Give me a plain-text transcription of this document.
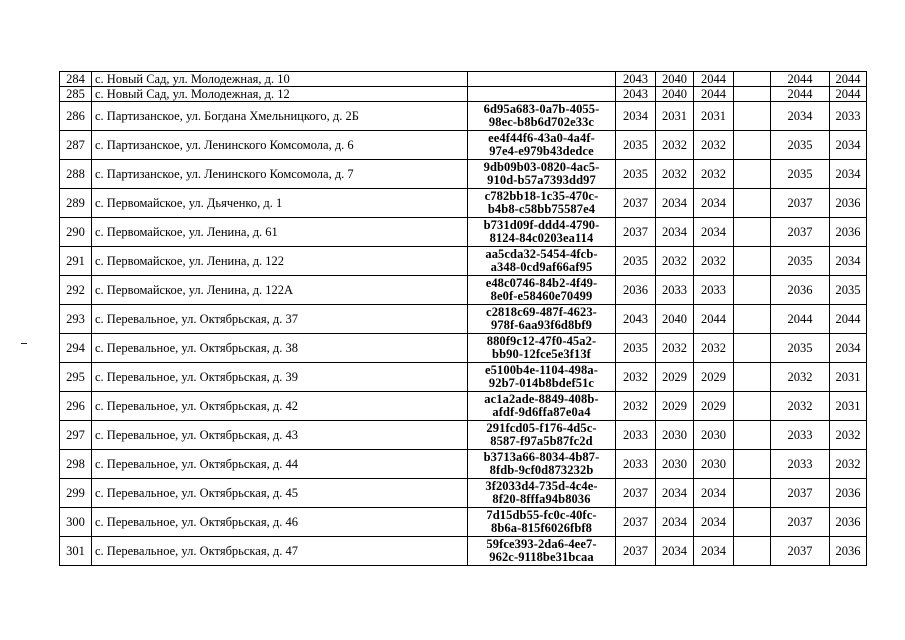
284	с. Новый Сад, ул. Молодежная, д. 10		2043	2040	2044		2044	2044
285	с. Новый Сад, ул. Молодежная, д. 12		2043	2040	2044		2044	2044
286	с. Партизанское, ул. Богдана Хмельницкого, д. 2Б	6d95a683-0a7b-4055-
98ec-b8b6d702e33c	2034	2031	2031		2034	2033
287	с. Партизанское, ул. Ленинского Комсомола, д. 6	ee4f44f6-43a0-4a4f-
97e4-e979b43dedce	2035	2032	2032		2035	2034
288	с. Партизанское, ул. Ленинского Комсомола, д. 7	9db09b03-0820-4ac5-
910d-b57a7393dd97	2035	2032	2032		2035	2034
289	с. Первомайское, ул. Дьяченко, д. 1	c782bb18-1c35-470c-
b4b8-c58bb75587e4	2037	2034	2034		2037	2036
290	с. Первомайское, ул. Ленина, д. 61	b731d09f-ddd4-4790-
8124-84c0203ea114	2037	2034	2034		2037	2036
291	с. Первомайское, ул. Ленина, д. 122	aa5cda32-5454-4fcb-
a348-0cd9af66af95	2035	2032	2032		2035	2034
292	с. Первомайское, ул. Ленина, д. 122А	e48c0746-84b2-4f49-
8e0f-e58460e70499	2036	2033	2033		2036	2035
293	с. Перевальное, ул. Октябрьская, д. 37	c2818c69-487f-4623-
978f-6aa93f6d8bf9	2043	2040	2044		2044	2044
294	с. Перевальное, ул. Октябрьская, д. 38	880f9c12-47f0-45a2-
bb90-12fce5e3f13f	2035	2032	2032		2035	2034
295	с. Перевальное, ул. Октябрьская, д. 39	e5100b4e-1104-498a-
92b7-014b8bdef51c	2032	2029	2029		2032	2031
296	с. Перевальное, ул. Октябрьская, д. 42	ac1a2ade-8849-408b-
afdf-9d6ffa87e0a4	2032	2029	2029		2032	2031
297	с. Перевальное, ул. Октябрьская, д. 43	291fcd05-f176-4d5c-
8587-f97a5b87fc2d	2033	2030	2030		2033	2032
298	с. Перевальное, ул. Октябрьская, д. 44	b3713a66-8034-4b87-
8fdb-9cf0d873232b	2033	2030	2030		2033	2032
299	с. Перевальное, ул. Октябрьская, д. 45	3f2033d4-735d-4c4e-
8f20-8fffa94b8036	2037	2034	2034		2037	2036
300	с. Перевальное, ул. Октябрьская, д. 46	7d15db55-fc0c-40fc-
8b6a-815f6026fbf8	2037	2034	2034		2037	2036
301	с. Перевальное, ул. Октябрьская, д. 47	59fce393-2da6-4ee7-
962c-9118be31bcaa	2037	2034	2034		2037	2036
